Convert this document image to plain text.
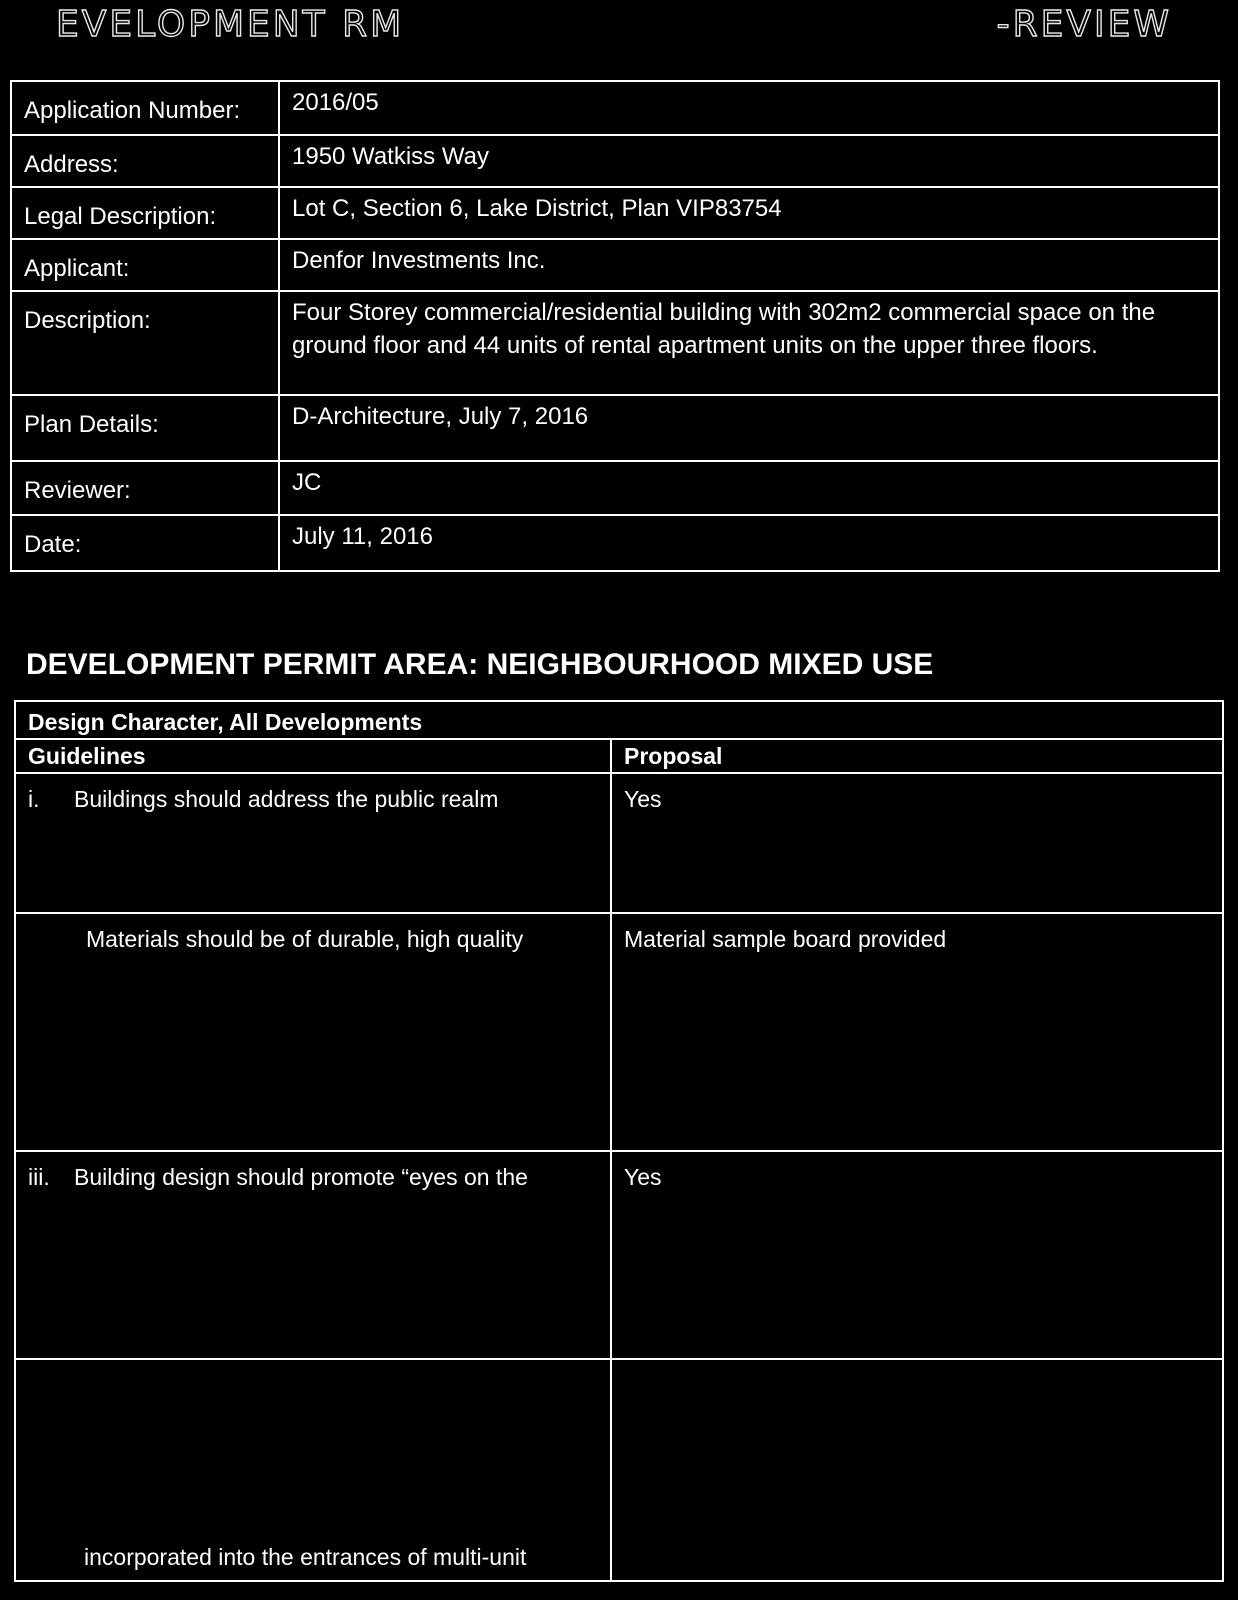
EVELOPMENT RM	-REVIEW
Application Number:	2016/05
Address:	1950 Watkiss Way
Legal Description:	Lot C, Section 6, Lake District, Plan VIP83754
Applicant:	Denfor Investments Inc.
Description:	Four Storey commercial/residential building with 302m2 commercial space on the ground floor and 44 units of rental apartment units on the upper three floors.
Plan Details:	D-Architecture, July 7, 2016
Reviewer:	JC
Date:	July 11, 2016
DEVELOPMENT PERMIT AREA: NEIGHBOURHOOD MIXED USE
Design Character, All Developments	
Guidelines	Proposal
i. Buildings should address the public realm	Yes

Materials should be of durable, high quality	Material sample board provided
iii. Building design should promote “eyes on the	Yes

incorporated into the entrances of multi-unit	
